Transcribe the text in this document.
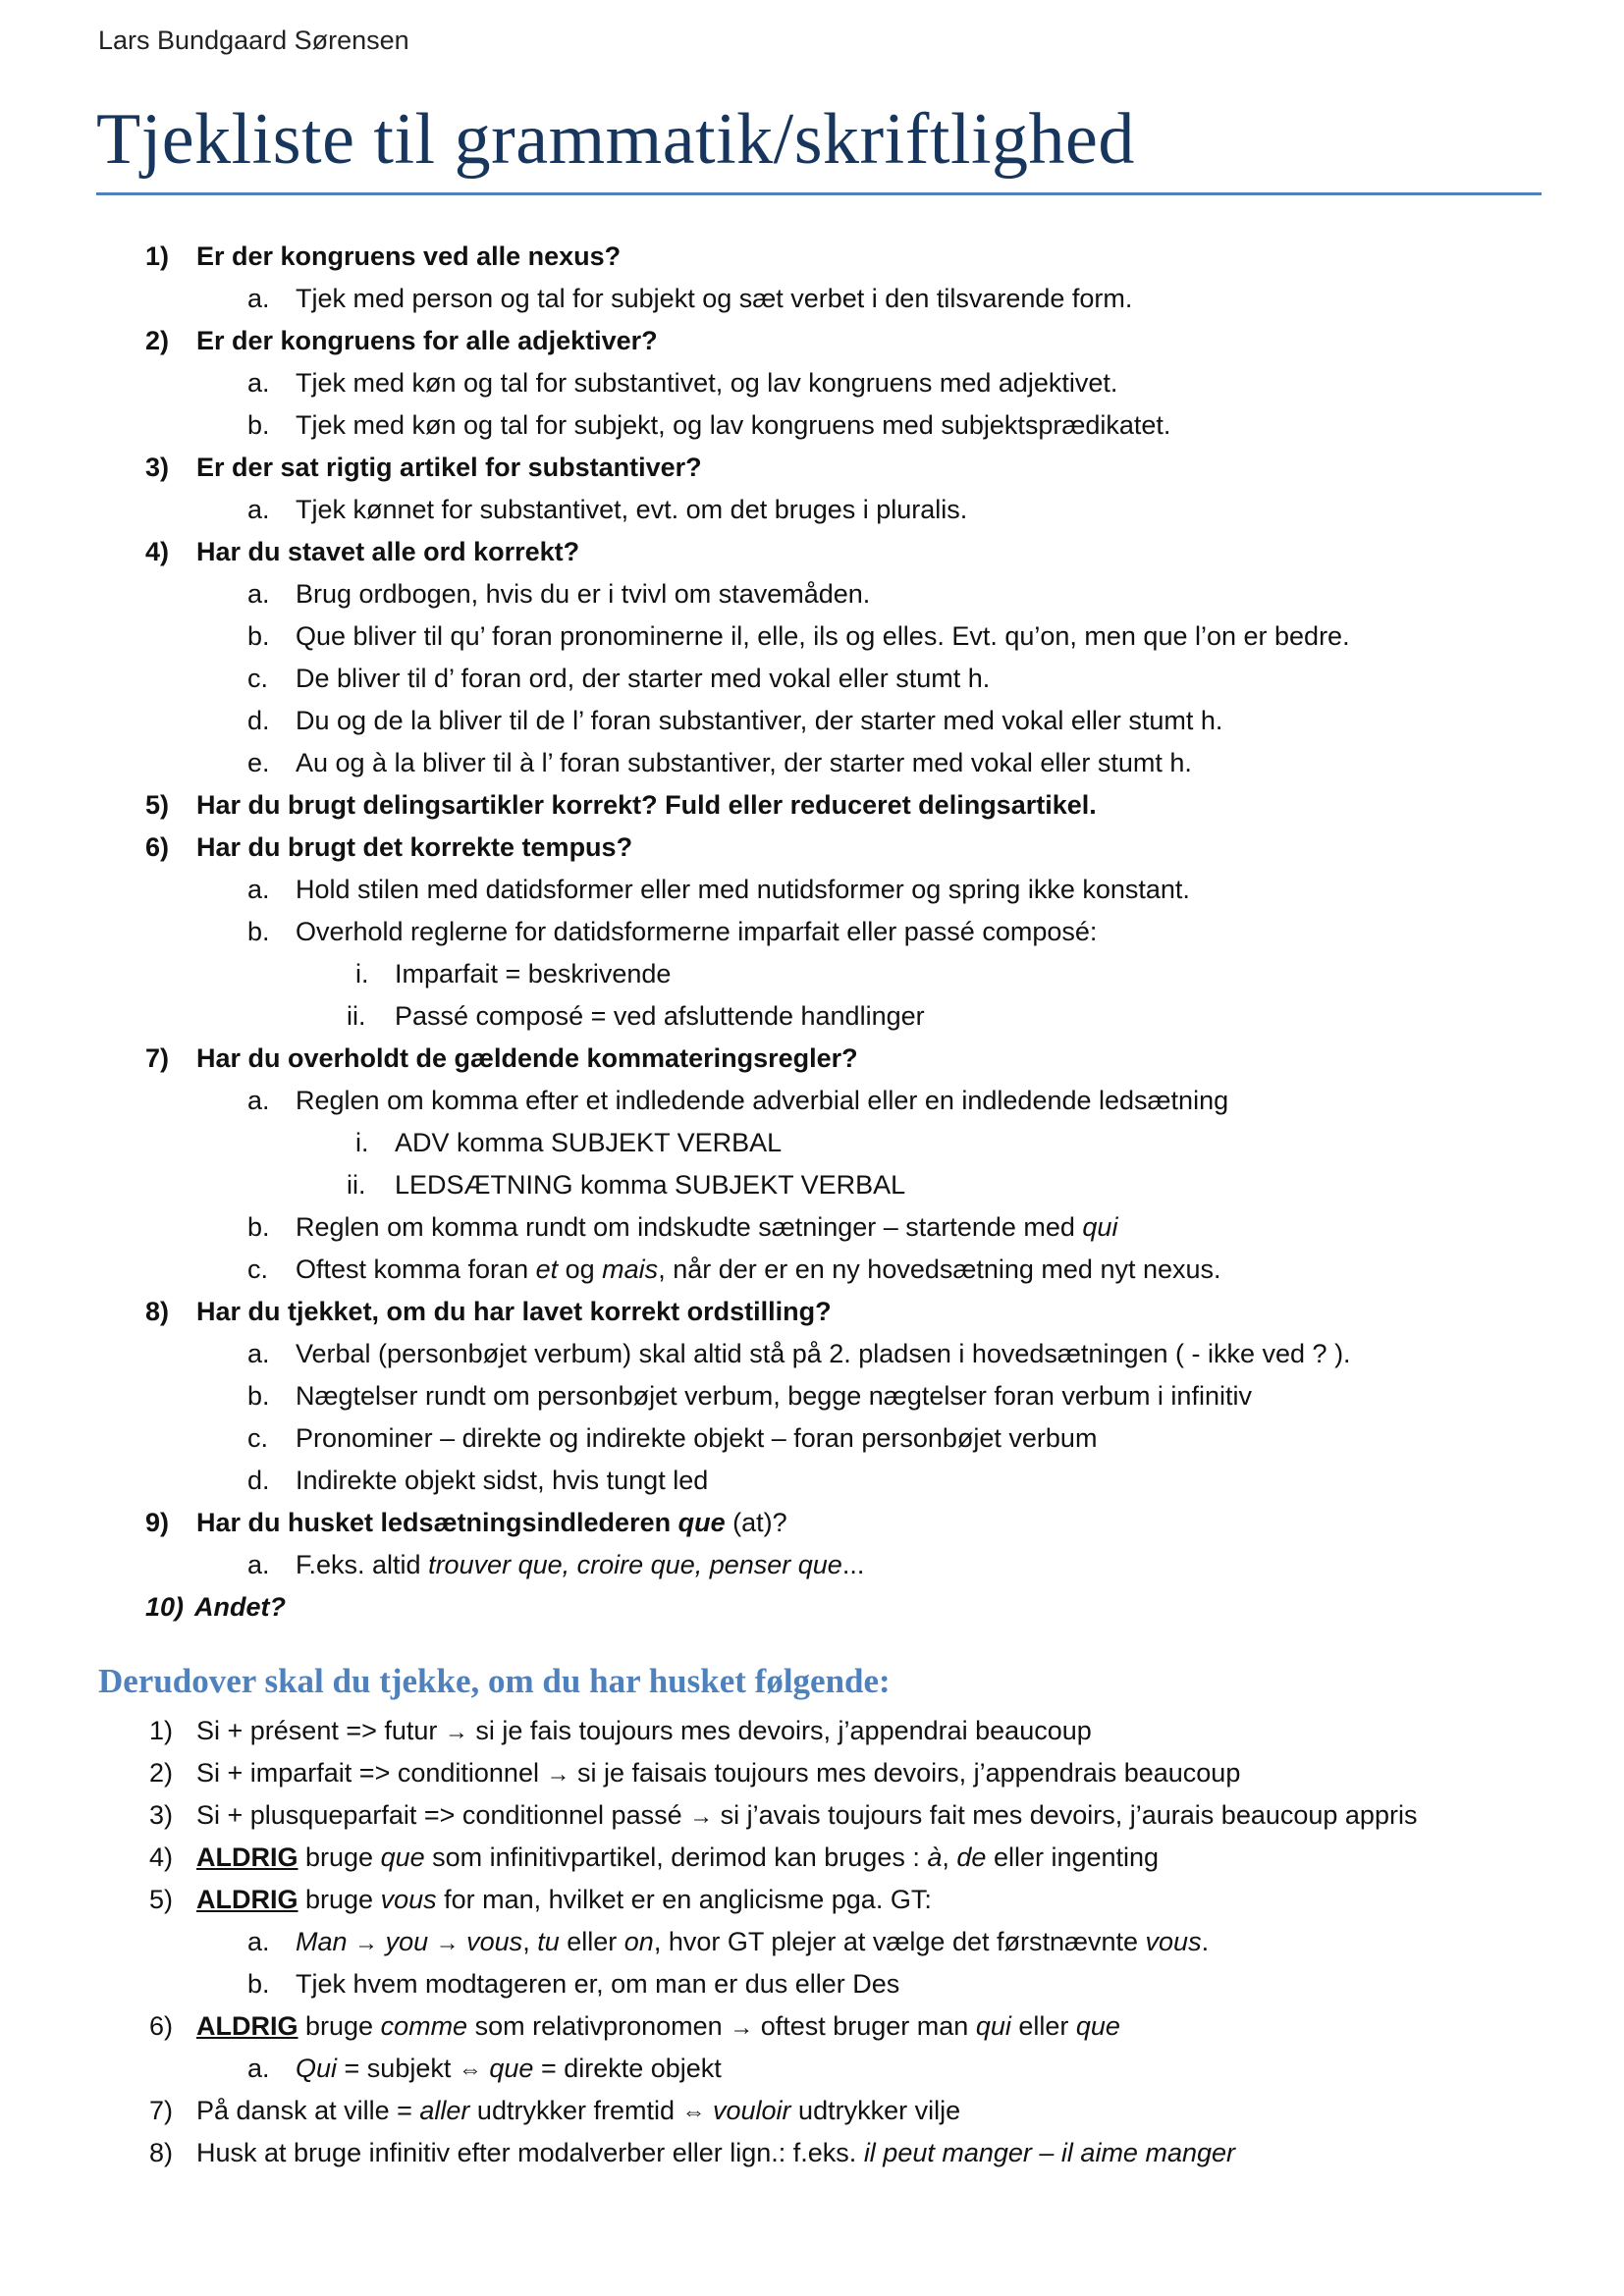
Lars Bundgaard Sørensen
Tjekliste til grammatik/skriftlighed
1) Er der kongruens ved alle nexus?
a. Tjek med person og tal for subjekt og sæt verbet i den tilsvarende form.
2) Er der kongruens for alle adjektiver?
a. Tjek med køn og tal for substantivet, og lav kongruens med adjektivet.
b. Tjek med køn og tal for subjekt, og lav kongruens med subjektsprædikatet.
3) Er der sat rigtig artikel for substantiver?
a. Tjek kønnet for substantivet, evt. om det bruges i pluralis.
4) Har du stavet alle ord korrekt?
a. Brug ordbogen, hvis du er i tvivl om stavemåden.
b. Que bliver til qu’ foran pronominerne il, elle, ils og elles. Evt. qu’on, men que l’on er bedre.
c. De bliver til d’ foran ord, der starter med vokal eller stumt h.
d. Du og de la bliver til de l’ foran substantiver, der starter med vokal eller stumt h.
e. Au og à la bliver til à l’ foran substantiver, der starter med vokal eller stumt h.
5) Har du brugt delingsartikler korrekt? Fuld eller reduceret delingsartikel.
6) Har du brugt det korrekte tempus?
a. Hold stilen med datidsformer eller med nutidsformer og spring ikke konstant.
b. Overhold reglerne for datidsformerne imparfait eller passé composé:
i. Imparfait = beskrivende
ii. Passé composé = ved afsluttende handlinger
7) Har du overholdt de gældende kommateringsregler?
a. Reglen om komma efter et indledende adverbial eller en indledende ledsætning
i. ADV komma SUBJEKT VERBAL
ii. LEDSÆTNING komma SUBJEKT VERBAL
b. Reglen om komma rundt om indskudte sætninger – startende med qui
c. Oftest komma foran et og mais, når der er en ny hovedsætning med nyt nexus.
8) Har du tjekket, om du har lavet korrekt ordstilling?
a. Verbal (personbøjet verbum) skal altid stå på 2. pladsen i hovedsætningen ( - ikke ved ? ).
b. Nægtelser rundt om personbøjet verbum, begge nægtelser foran verbum i infinitiv
c. Pronominer – direkte og indirekte objekt – foran personbøjet verbum
d. Indirekte objekt sidst, hvis tungt led
9) Har du husket ledsætningsindlederen que (at)?
a. F.eks. altid trouver que, croire que, penser que...
10) Andet?
Derudover skal du tjekke, om du har husket følgende:
1) Si + présent => futur → si je fais toujours mes devoirs, j’appendrai beaucoup
2) Si + imparfait => conditionnel → si je faisais toujours mes devoirs, j’appendrais beaucoup
3) Si + plusqueparfait => conditionnel passé → si j’avais toujours fait mes devoirs, j’aurais beaucoup appris
4) ALDRIG bruge que som infinitivpartikel, derimod kan bruges : à, de eller ingenting
5) ALDRIG bruge vous for man, hvilket er en anglicisme pga. GT:
a. Man → you → vous, tu eller on, hvor GT plejer at vælge det førstnævnte vous.
b. Tjek hvem modtageren er, om man er dus eller Des
6) ALDRIG bruge comme som relativpronomen → oftest bruger man qui eller que
a. Qui = subjekt ⇔ que = direkte objekt
7) På dansk at ville = aller udtrykker fremtid ⇔ vouloir udtrykker vilje
8) Husk at bruge infinitiv efter modalverber eller lign.: f.eks. il peut manger – il aime manger
